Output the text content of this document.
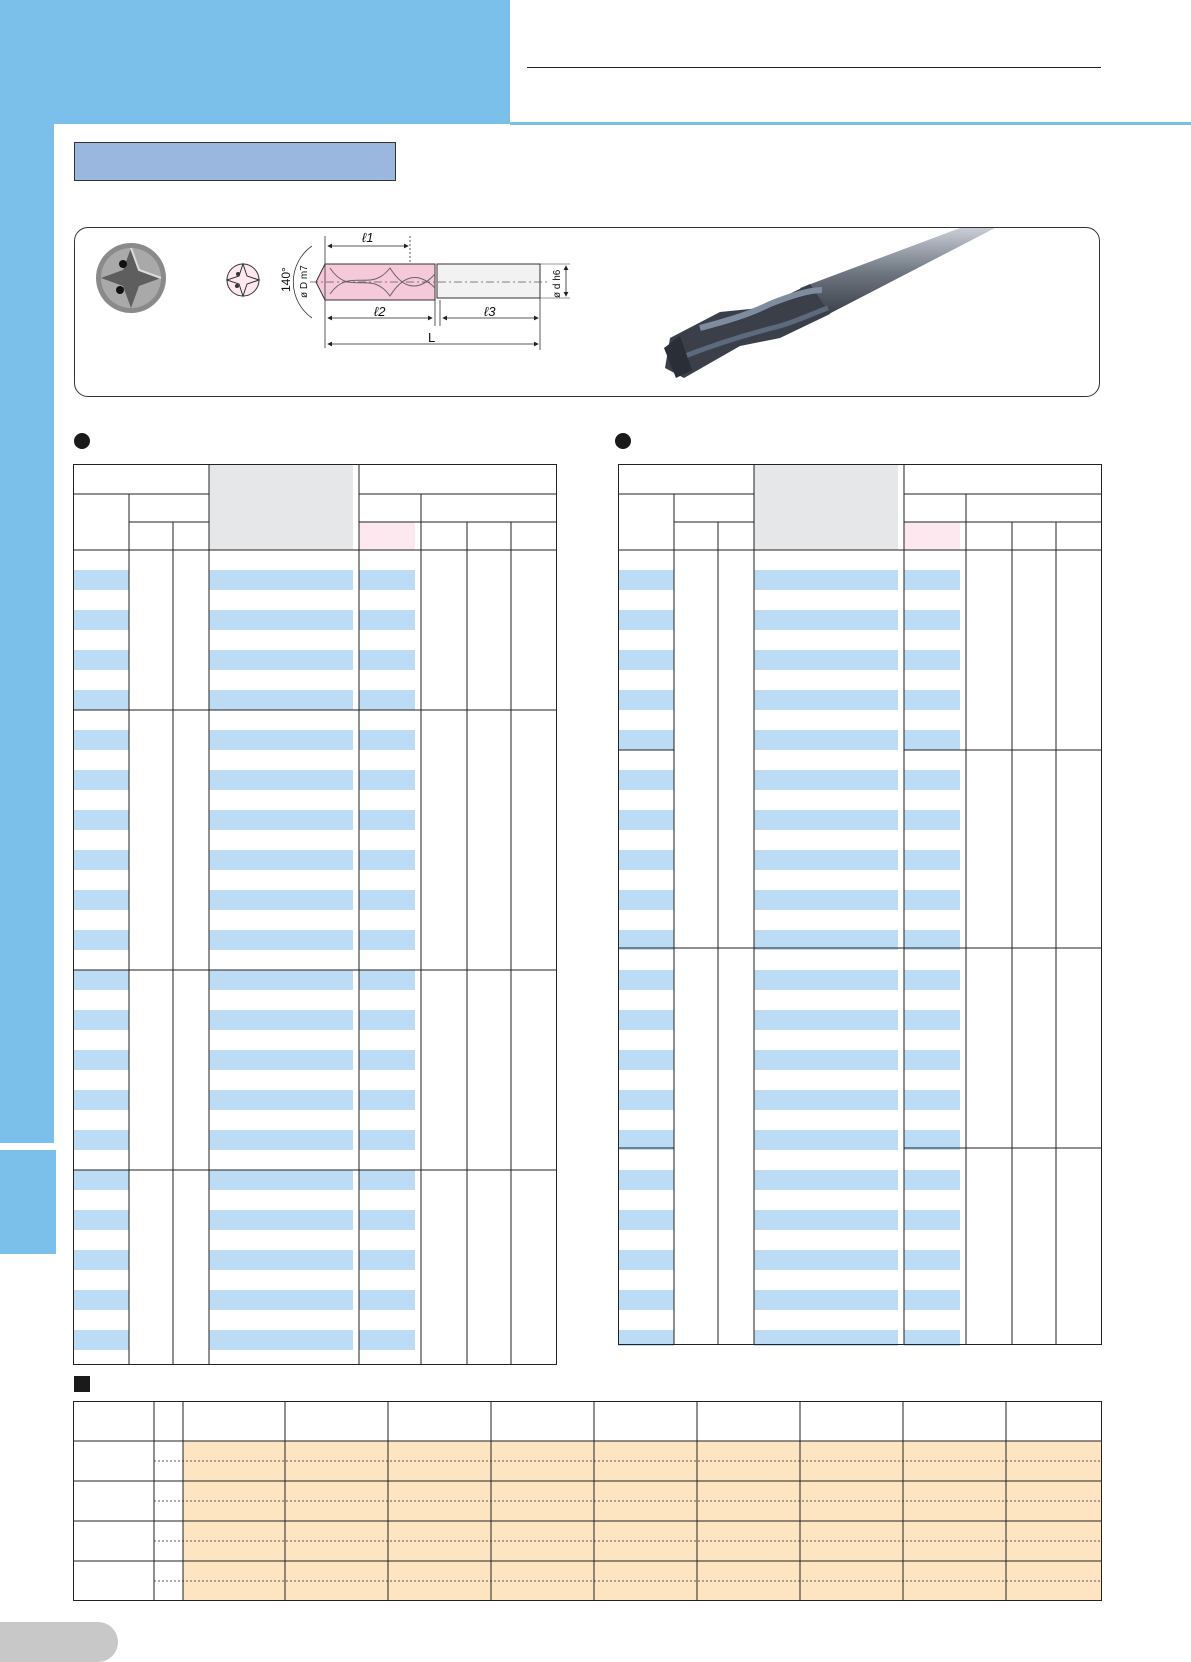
ℓ1
ℓ2	ℓ3
L
140° ø D m7	ø d h6
